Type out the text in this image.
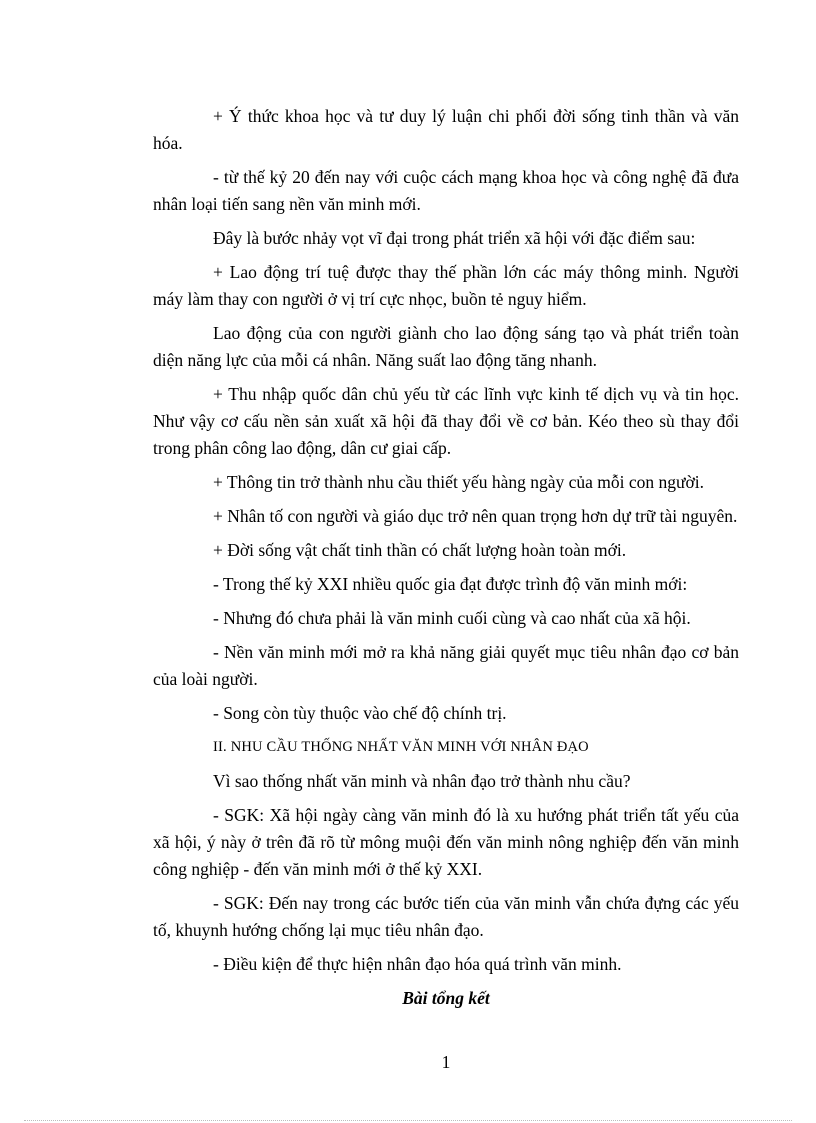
+ Ý thức khoa học và tư duy lý luận chi phối đời sống tinh thần và văn hóa.

- từ thế kỷ 20 đến nay với cuộc cách mạng khoa học và công nghệ đã đưa nhân loại tiến sang nền văn minh mới.

Đây là bước nhảy vọt vĩ đại trong phát triển xã hội với đặc điểm sau:

+ Lao động trí tuệ được thay thế phần lớn các máy thông minh. Người máy làm thay con người ở vị trí cực nhọc, buồn tẻ nguy hiểm.

Lao động của con người giành cho lao động sáng tạo và phát triển toàn diện năng lực của mỗi cá nhân. Năng suất lao động tăng nhanh.

+ Thu nhập quốc dân chủ yếu từ các lĩnh vực kinh tế dịch vụ và tin học. Như vậy cơ cấu nền sản xuất xã hội đã thay đổi về cơ bản. Kéo theo sù thay đổi trong phân công lao động, dân cư giai cấp.

+ Thông tin trở thành nhu cầu thiết yếu hàng ngày của mỗi con người.

+ Nhân tố con người và giáo dục trở nên quan trọng hơn dự trữ tài nguyên.

+ Đời sống vật chất tinh thần có chất lượng hoàn toàn mới.

- Trong thế kỷ XXI nhiều quốc gia đạt được trình độ văn minh mới:

- Nhưng đó chưa phải là văn minh cuối cùng và cao nhất của xã hội.

- Nền văn minh mới mở ra khả năng giải quyết mục tiêu nhân đạo cơ bản của loài người.

- Song còn tùy thuộc vào chế độ chính trị.

II. NHU CẦU THỐNG NHẤT VĂN MINH VỚI NHÂN ĐẠO

Vì sao thống nhất văn minh và nhân đạo trở thành nhu cầu?

- SGK: Xã hội ngày càng văn minh đó là xu hướng phát triển tất yếu của xã hội, ý này ở trên đã rõ từ mông muội đến văn minh nông nghiệp đến văn minh công nghiệp - đến văn minh mới ở thế kỷ XXI.

- SGK: Đến nay trong các bước tiến của văn minh vẫn chứa đựng các yếu tố, khuynh hướng chống lại mục tiêu nhân đạo.

- Điều kiện để thực hiện nhân đạo hóa quá trình văn minh.

Bài tổng kết

1
